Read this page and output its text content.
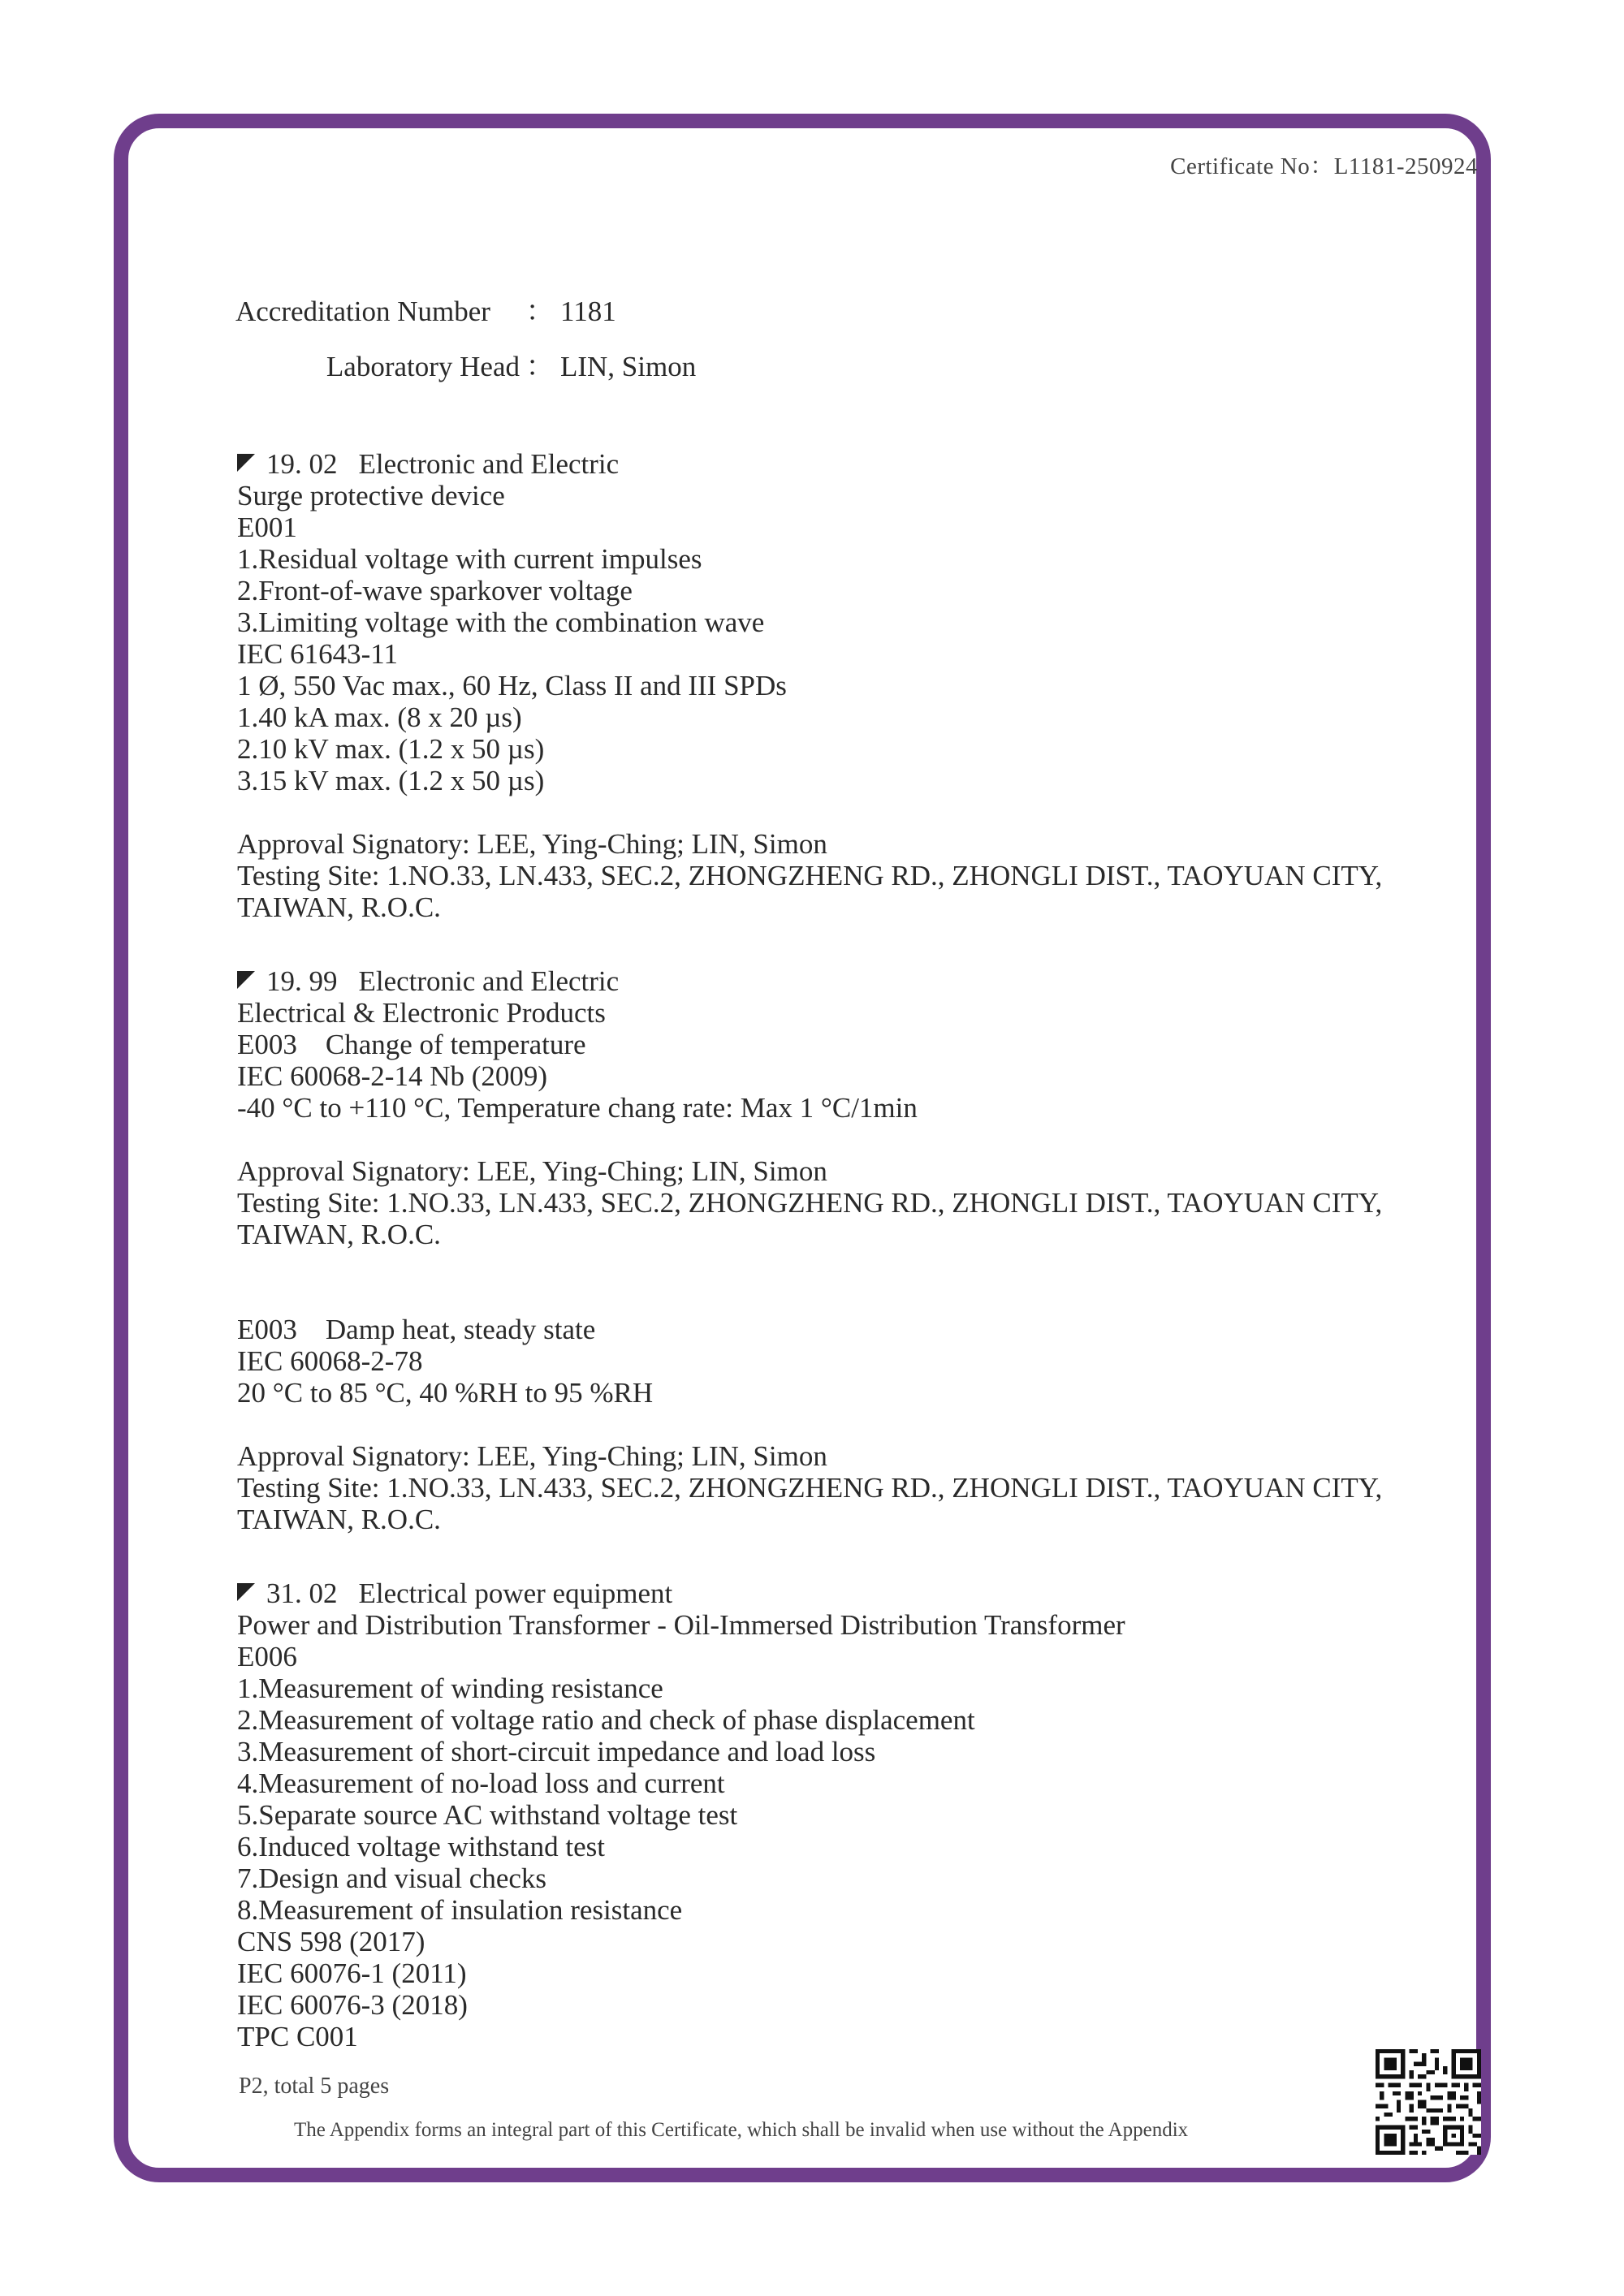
Certificate No：L1181-250924
Accreditation Number ： 1181
Laboratory Head ： LIN, Simon
19. 02 Electronic and Electric
Surge protective device
E001
1.Residual voltage with current impulses
2.Front-of-wave sparkover voltage
3.Limiting voltage with the combination wave
IEC 61643-11
1 Ø, 550 Vac max., 60 Hz, Class II and III SPDs
1.40 kA max. (8 x 20 µs)
2.10 kV max. (1.2 x 50 µs)
3.15 kV max. (1.2 x 50 µs)
Approval Signatory: LEE, Ying-Ching; LIN, Simon
Testing Site: 1.NO.33, LN.433, SEC.2, ZHONGZHENG RD., ZHONGLI DIST., TAOYUAN CITY, TAIWAN, R.O.C.
19. 99 Electronic and Electric
Electrical & Electronic Products
E003　Change of temperature
IEC 60068-2-14 Nb (2009)
-40 °C to +110 °C, Temperature chang rate: Max 1 °C/1min
Approval Signatory: LEE, Ying-Ching; LIN, Simon
Testing Site: 1.NO.33, LN.433, SEC.2, ZHONGZHENG RD., ZHONGLI DIST., TAOYUAN CITY, TAIWAN, R.O.C.
E003　Damp heat, steady state
IEC 60068-2-78
20 °C to 85 °C, 40 %RH to 95 %RH
Approval Signatory: LEE, Ying-Ching; LIN, Simon
Testing Site: 1.NO.33, LN.433, SEC.2, ZHONGZHENG RD., ZHONGLI DIST., TAOYUAN CITY, TAIWAN, R.O.C.
31. 02 Electrical power equipment
Power and Distribution Transformer - Oil-Immersed Distribution Transformer
E006
1.Measurement of winding resistance
2.Measurement of voltage ratio and check of phase displacement
3.Measurement of short-circuit impedance and load loss
4.Measurement of no-load loss and current
5.Separate source AC withstand voltage test
6.Induced voltage withstand test
7.Design and visual checks
8.Measurement of insulation resistance
CNS 598 (2017)
IEC 60076-1 (2011)
IEC 60076-3 (2018)
TPC C001
P2, total 5 pages
The Appendix forms an integral part of this Certificate, which shall be invalid when use without the Appendix
